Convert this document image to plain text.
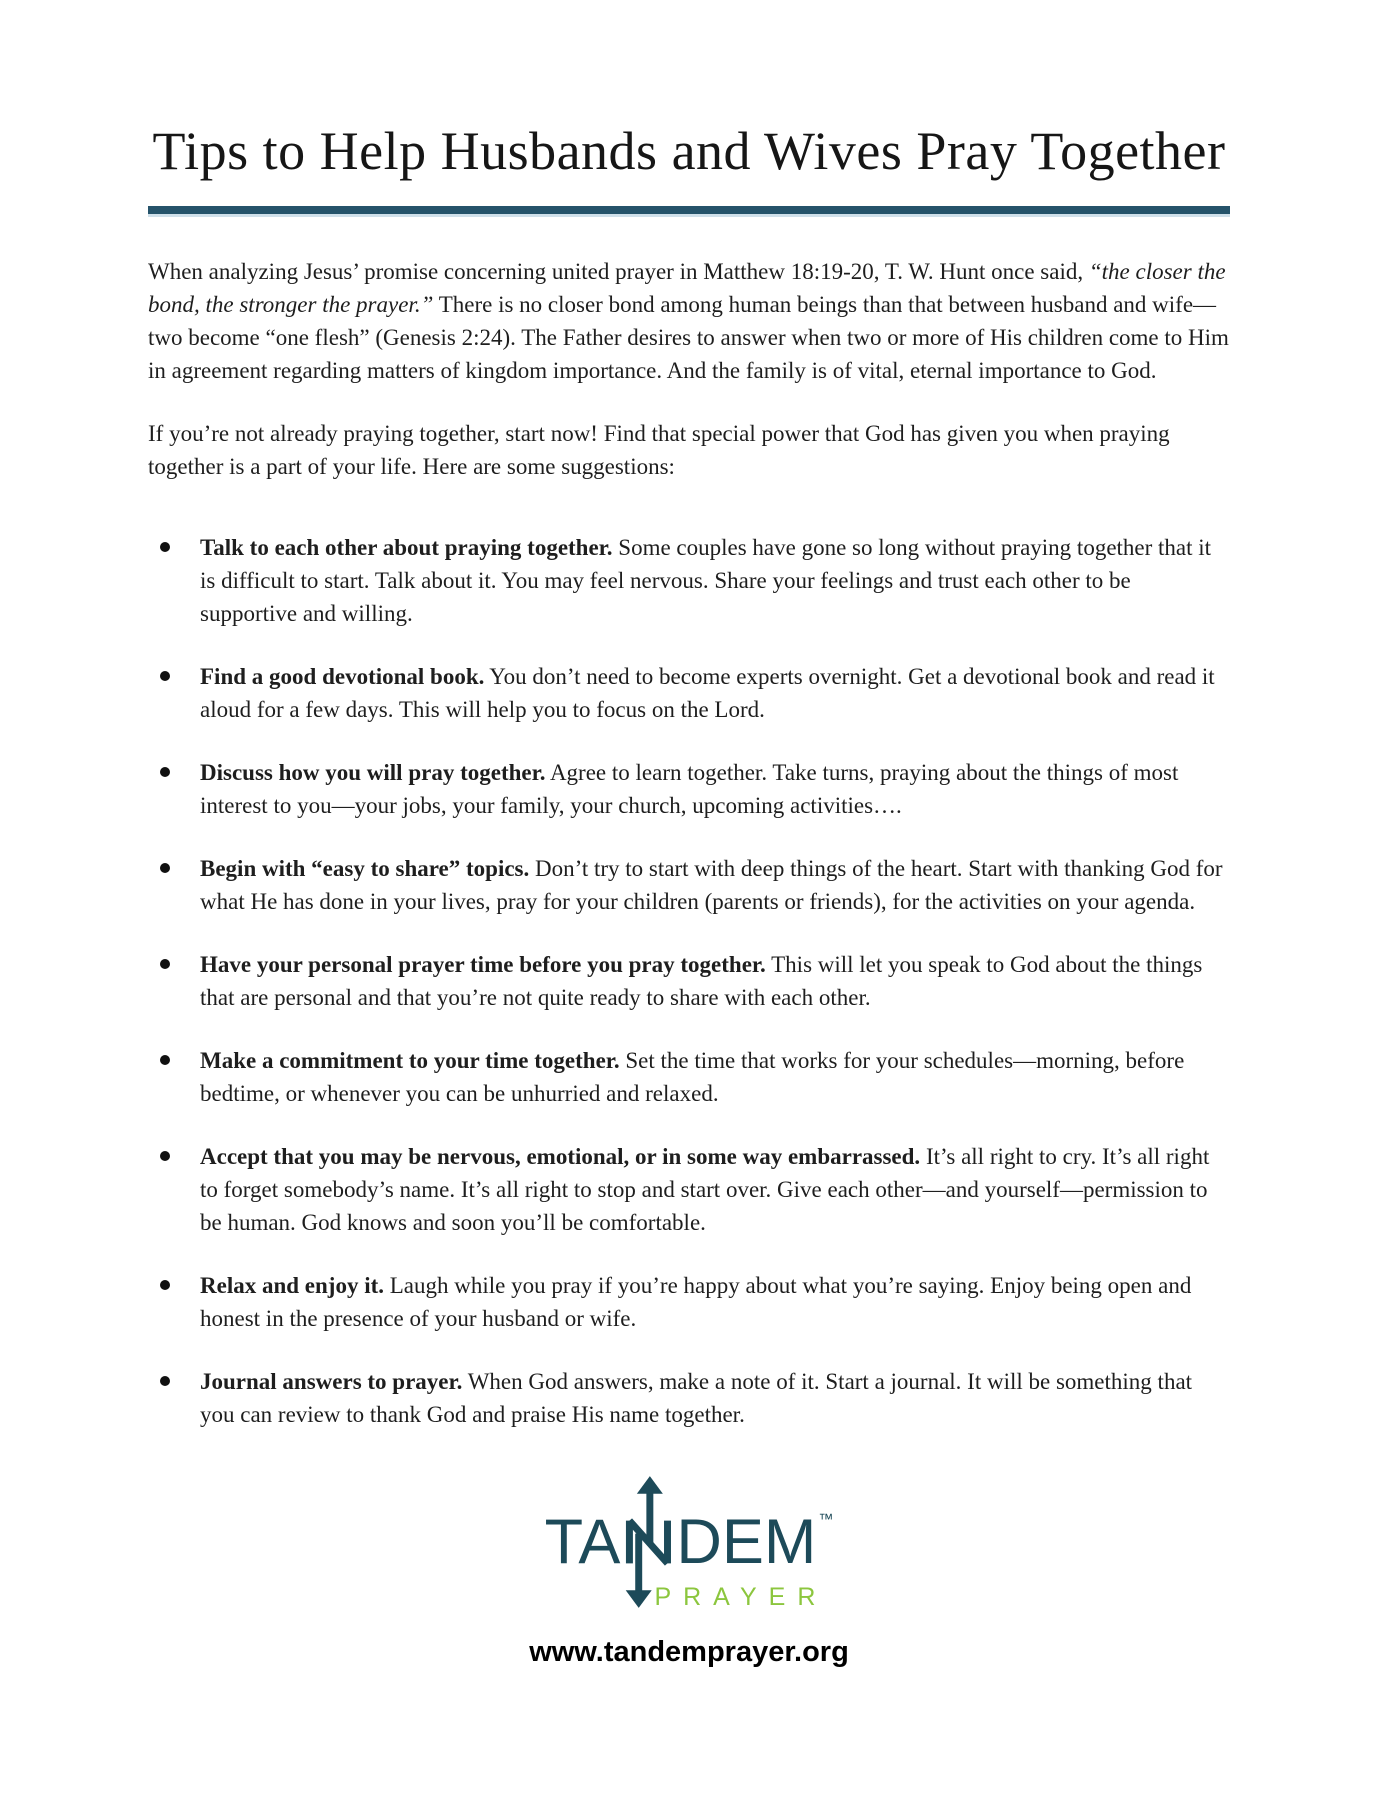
Tips to Help Husbands and Wives Pray Together

When analyzing Jesus’ promise concerning united prayer in Matthew 18:19-20, T. W. Hunt once said, “the closer the bond, the stronger the prayer.” There is no closer bond among human beings than that between husband and wife—two become “one flesh” (Genesis 2:24). The Father desires to answer when two or more of His children come to Him in agreement regarding matters of kingdom importance. And the family is of vital, eternal importance to God.

If you’re not already praying together, start now! Find that special power that God has given you when praying together is a part of your life. Here are some suggestions:

Talk to each other about praying together. Some couples have gone so long without praying together that it is difficult to start. Talk about it. You may feel nervous. Share your feelings and trust each other to be supportive and willing.
Find a good devotional book. You don’t need to become experts overnight. Get a devotional book and read it aloud for a few days. This will help you to focus on the Lord.
Discuss how you will pray together. Agree to learn together. Take turns, praying about the things of most interest to you—your jobs, your family, your church, upcoming activities….
Begin with “easy to share” topics. Don’t try to start with deep things of the heart. Start with thanking God for what He has done in your lives, pray for your children (parents or friends), for the activities on your agenda.
Have your personal prayer time before you pray together. This will let you speak to God about the things that are personal and that you’re not quite ready to share with each other.
Make a commitment to your time together. Set the time that works for your schedules—morning, before bedtime, or whenever you can be unhurried and relaxed.
Accept that you may be nervous, emotional, or in some way embarrassed. It’s all right to cry. It’s all right to forget somebody’s name. It’s all right to stop and start over. Give each other—and yourself—permission to be human. God knows and soon you’ll be comfortable.
Relax and enjoy it. Laugh while you pray if you’re happy about what you’re saying. Enjoy being open and honest in the presence of your husband or wife.
Journal answers to prayer. When God answers, make a note of it. Start a journal. It will be something that you can review to thank God and praise His name together.
TA DEM ™
PRAYER
www.tandemprayer.org
